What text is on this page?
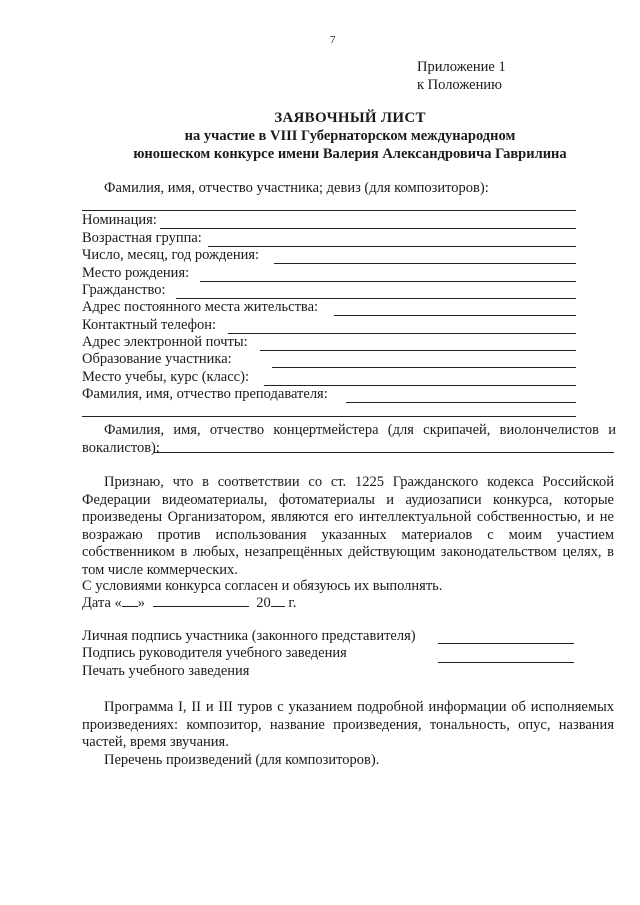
7
Приложение 1
к Положению
ЗАЯВОЧНЫЙ ЛИСТ
на участие в VIII Губернаторском международном
юношеском конкурсе имени Валерия Александровича Гаврилина
Фамилия, имя, отчество участника; девиз (для композиторов):
Номинация:
Возрастная группа:
Число, месяц, год рождения:
Место рождения:
Гражданство:
Адрес постоянного места жительства:
Контактный телефон:
Адрес электронной почты:
Образование участника:
Место учебы, курс (класс):
Фамилия, имя, отчество преподавателя:
Фамилия, имя, отчество концертмейстера (для скрипачей, виолончелистов и вокалистов):
Признаю, что в соответствии со ст. 1225 Гражданского кодекса Российской Федерации видеоматериалы, фотоматериалы и аудиозаписи конкурса, которые произведены Организатором, являются его интеллектуальной собственностью, и не возражаю против использования указанных материалов с моим участием собственником в любых, незапрещённых действующим законодательством целях, в том числе коммерческих.
С условиями конкурса согласен и обязуюсь их выполнять.
Дата « »	20 г.
Личная подпись участника (законного представителя)
Подпись руководителя учебного заведения
Печать учебного заведения
Программа I, II и III туров с указанием подробной информации об исполняемых произведениях: композитор, название произведения, тональность, опус, названия частей, время звучания.
Перечень произведений (для композиторов).
